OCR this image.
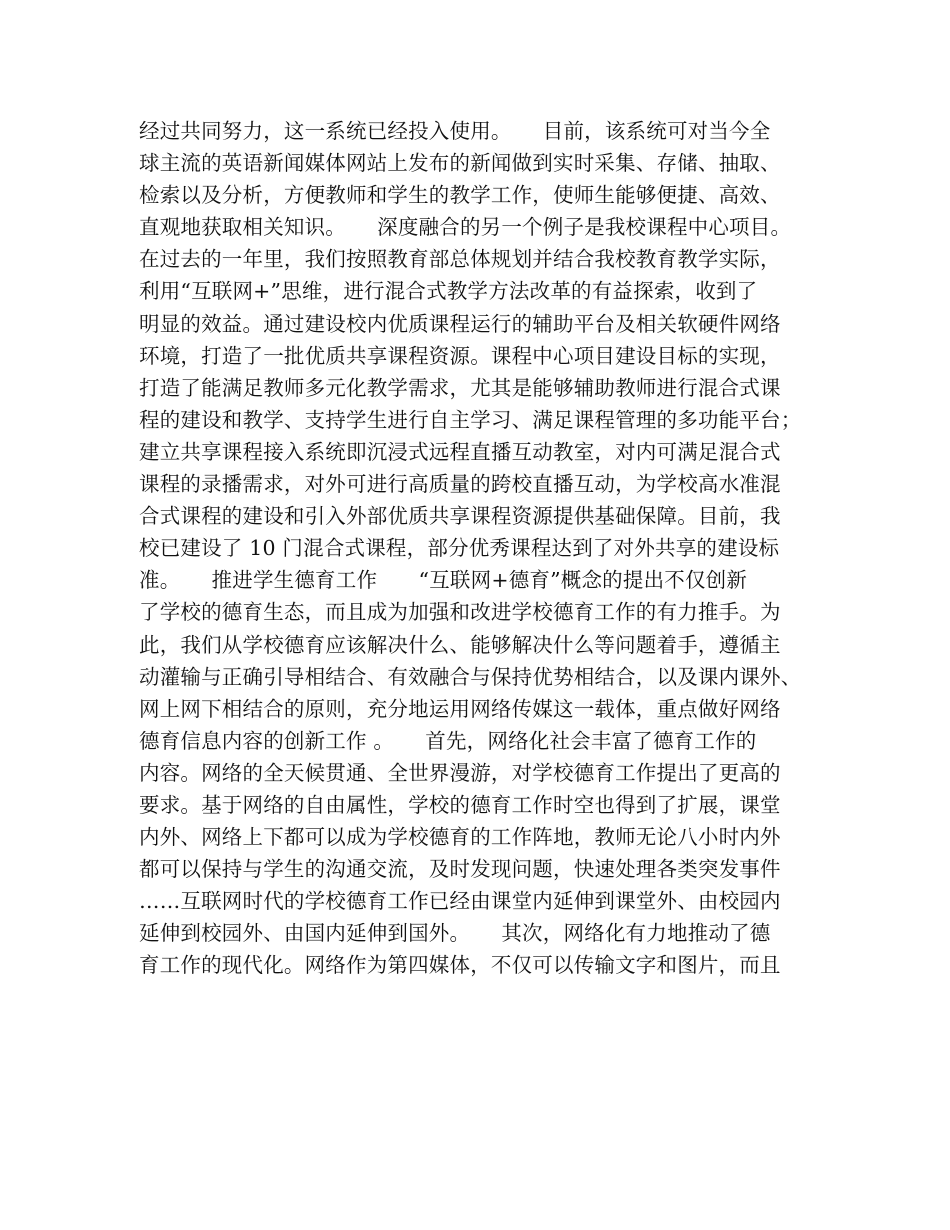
经过共同努力，这一系统已经投入使用。　　目前，该系统可对当今全
球主流的英语新闻媒体网站上发布的新闻做到实时采集、存储、抽取、
检索以及分析，方便教师和学生的教学工作，使师生能够便捷、高效、
直观地获取相关知识。　　深度融合的另一个例子是我校课程中心项目。
在过去的一年里，我们按照教育部总体规划并结合我校教育教学实际，
利用“互联网+”思维，进行混合式教学方法改革的有益探索，收到了
明显的效益。通过建设校内优质课程运行的辅助平台及相关软硬件网络
环境，打造了一批优质共享课程资源。课程中心项目建设目标的实现，
打造了能满足教师多元化教学需求，尤其是能够辅助教师进行混合式课
程的建设和教学、支持学生进行自主学习、满足课程管理的多功能平台；
建立共享课程接入系统即沉浸式远程直播互动教室，对内可满足混合式
课程的录播需求，对外可进行高质量的跨校直播互动，为学校高水准混
合式课程的建设和引入外部优质共享课程资源提供基础保障。目前，我
校已建设了 10 门混合式课程，部分优秀课程达到了对外共享的建设标
准。　　推进学生德育工作　　“互联网+德育”概念的提出不仅创新
了学校的德育生态，而且成为加强和改进学校德育工作的有力推手。为
此，我们从学校德育应该解决什么、能够解决什么等问题着手，遵循主
动灌输与正确引导相结合、有效融合与保持优势相结合，以及课内课外、
网上网下相结合的原则，充分地运用网络传媒这一载体，重点做好网络
德育信息内容的创新工作 。　　首先，网络化社会丰富了德育工作的
内容。网络的全天候贯通、全世界漫游，对学校德育工作提出了更高的
要求。基于网络的自由属性，学校的德育工作时空也得到了扩展，课堂
内外、网络上下都可以成为学校德育的工作阵地，教师无论八小时内外
都可以保持与学生的沟通交流，及时发现问题，快速处理各类突发事件
……互联网时代的学校德育工作已经由课堂内延伸到课堂外、由校园内
延伸到校园外、由国内延伸到国外。　　其次，网络化有力地推动了德
育工作的现代化。网络作为第四媒体，不仅可以传输文字和图片，而且
